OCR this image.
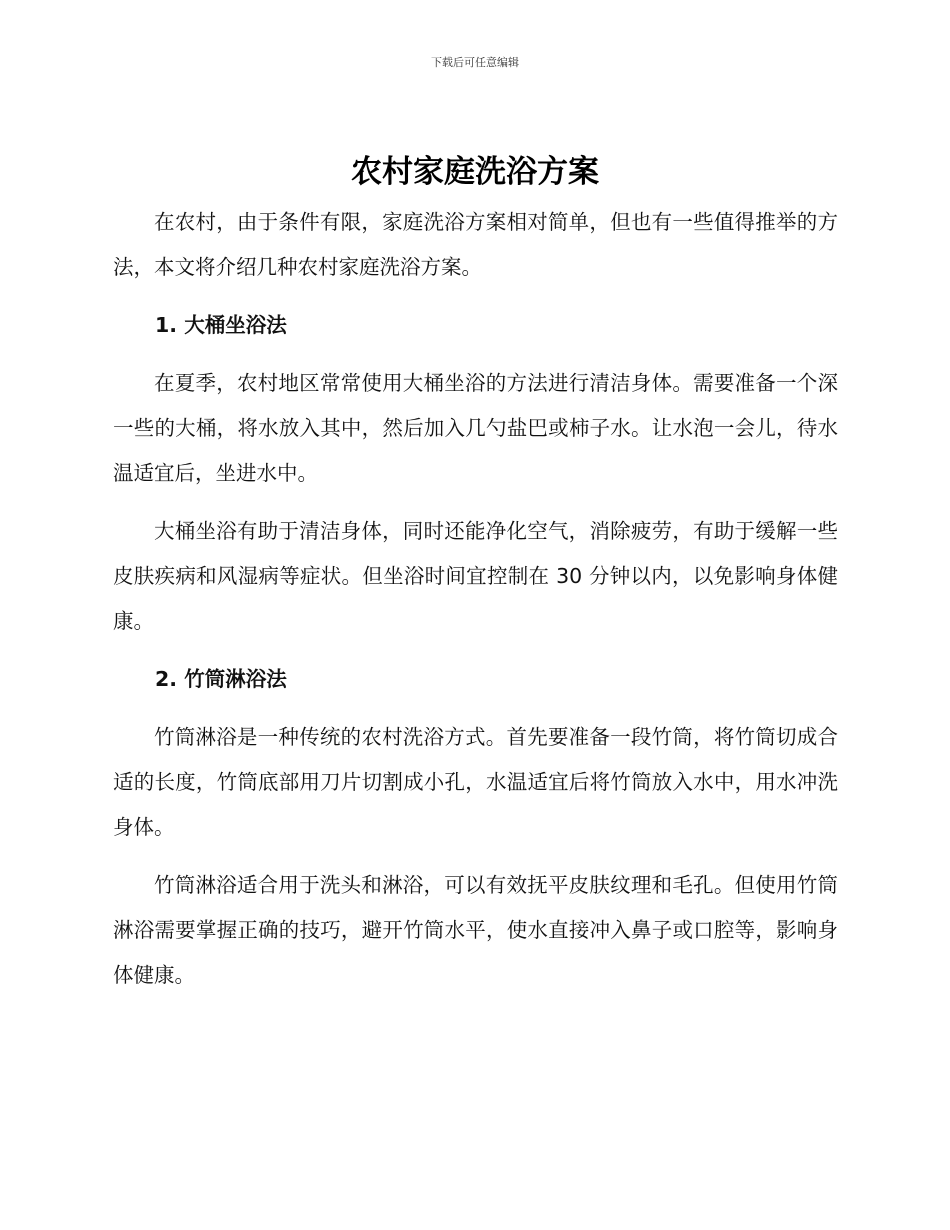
下载后可任意编辑
农村家庭洗浴方案

在农村，由于条件有限，家庭洗浴方案相对简单，但也有一些值得推举的方法，本文将介绍几种农村家庭洗浴方案。

1. 大桶坐浴法

在夏季，农村地区常常使用大桶坐浴的方法进行清洁身体。需要准备一个深一些的大桶，将水放入其中，然后加入几勺盐巴或柿子水。让水泡一会儿，待水温适宜后，坐进水中。

大桶坐浴有助于清洁身体，同时还能净化空气，消除疲劳，有助于缓解一些皮肤疾病和风湿病等症状。但坐浴时间宜控制在 30 分钟以内，以免影响身体健康。

2. 竹筒淋浴法

竹筒淋浴是一种传统的农村洗浴方式。首先要准备一段竹筒，将竹筒切成合适的长度，竹筒底部用刀片切割成小孔，水温适宜后将竹筒放入水中，用水冲洗身体。

竹筒淋浴适合用于洗头和淋浴，可以有效抚平皮肤纹理和毛孔。但使用竹筒淋浴需要掌握正确的技巧，避开竹筒水平，使水直接冲入鼻子或口腔等，影响身体健康。
